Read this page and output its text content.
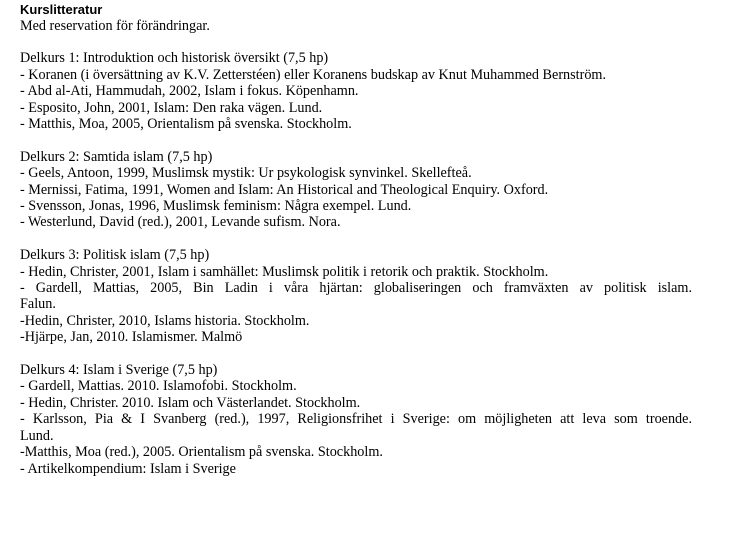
Kurslitteratur
Med reservation för förändringar.
Delkurs 1: Introduktion och historisk översikt (7,5 hp)
- Koranen (i översättning av K.V. Zetterstéen) eller Koranens budskap av Knut Muhammed Bernström.
- Abd al-Ati, Hammudah, 2002, Islam i fokus. Köpenhamn.
- Esposito, John, 2001, Islam: Den raka vägen. Lund.
- Matthis, Moa, 2005, Orientalism på svenska. Stockholm.
Delkurs 2: Samtida islam (7,5 hp)
- Geels, Antoon, 1999, Muslimsk mystik: Ur psykologisk synvinkel. Skellefteå.
- Mernissi, Fatima, 1991, Women and Islam: An Historical and Theological Enquiry. Oxford.
- Svensson, Jonas, 1996, Muslimsk feminism: Några exempel. Lund.
- Westerlund, David (red.), 2001, Levande sufism. Nora.
Delkurs 3: Politisk islam (7,5 hp)
- Hedin, Christer, 2001, Islam i samhället: Muslimsk politik i retorik och praktik. Stockholm.
- Gardell, Mattias, 2005, Bin Ladin i våra hjärtan: globaliseringen och framväxten av politisk islam.
Falun.
-Hedin, Christer, 2010, Islams historia. Stockholm.
-Hjärpe, Jan, 2010. Islamismer. Malmö
Delkurs 4: Islam i Sverige (7,5 hp)
- Gardell, Mattias. 2010. Islamofobi. Stockholm.
- Hedin, Christer. 2010. Islam och Västerlandet. Stockholm.
- Karlsson, Pia & I Svanberg (red.), 1997, Religionsfrihet i Sverige: om möjligheten att leva som troende.
Lund.
-Matthis, Moa (red.), 2005. Orientalism på svenska. Stockholm.
- Artikelkompendium: Islam i Sverige
